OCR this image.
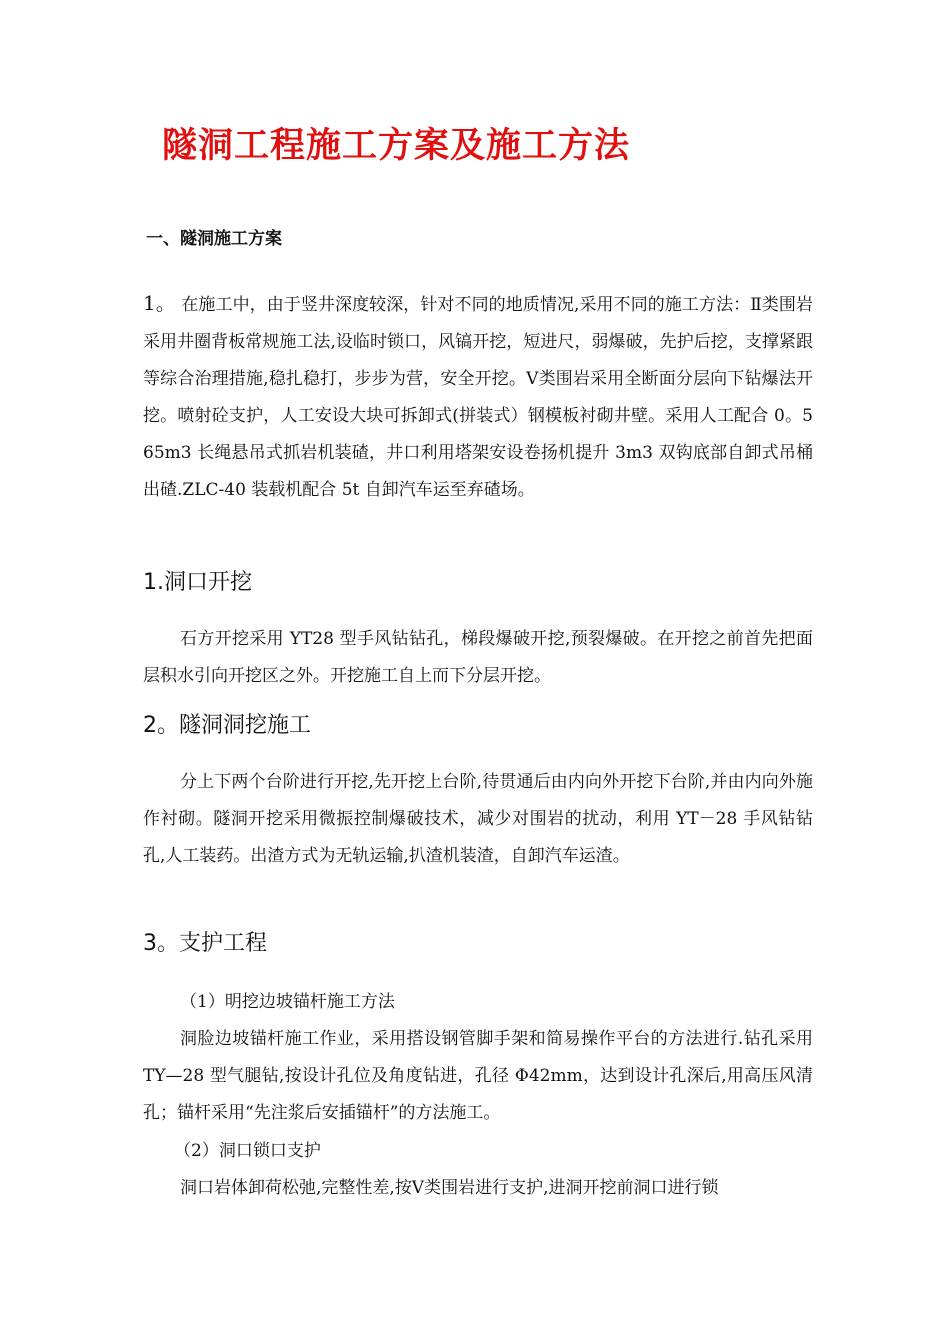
隧洞工程施工方案及施工方法
一、隧洞施工方案

1。 在施工中，由于竖井深度较深，针对不同的地质情况,采用不同的施工方法：Ⅱ类围岩采用井圈背板常规施工法,设临时锁口，风镐开挖，短进尺，弱爆破，先护后挖，支撑紧跟等综合治理措施,稳扎稳打，步步为营，安全开挖。Ⅴ类围岩采用全断面分层向下钻爆法开挖。喷射砼支护，人工安设大块可拆卸式(拼装式）钢模板衬砌井壁。采用人工配合 0。565m3 长绳悬吊式抓岩机装碴，井口利用塔架安设卷扬机提升 3m3 双钩底部自卸式吊桶出碴.ZLC-40 装载机配合 5t 自卸汽车运至弃碴场。

1.洞口开挖

石方开挖采用 YT28 型手风钻钻孔，梯段爆破开挖,预裂爆破。在开挖之前首先把面层积水引向开挖区之外。开挖施工自上而下分层开挖。

2。隧洞洞挖施工

分上下两个台阶进行开挖,先开挖上台阶,待贯通后由内向外开挖下台阶,并由内向外施作衬砌。隧洞开挖采用微振控制爆破技术，减少对围岩的扰动，利用 YT－28 手风钻钻孔,人工装药。出渣方式为无轨运输,扒渣机装渣，自卸汽车运渣。

3。支护工程
（1）明挖边坡锚杆施工方法

洞脸边坡锚杆施工作业，采用搭设钢管脚手架和简易操作平台的方法进行.钻孔采用 TY—28 型气腿钻,按设计孔位及角度钻进，孔径 Φ42mm，达到设计孔深后,用高压风清孔；锚杆采用“先注浆后安插锚杆”的方法施工。

（2）洞口锁口支护

洞口岩体卸荷松弛,完整性差,按Ⅴ类围岩进行支护,进洞开挖前洞口进行锁
